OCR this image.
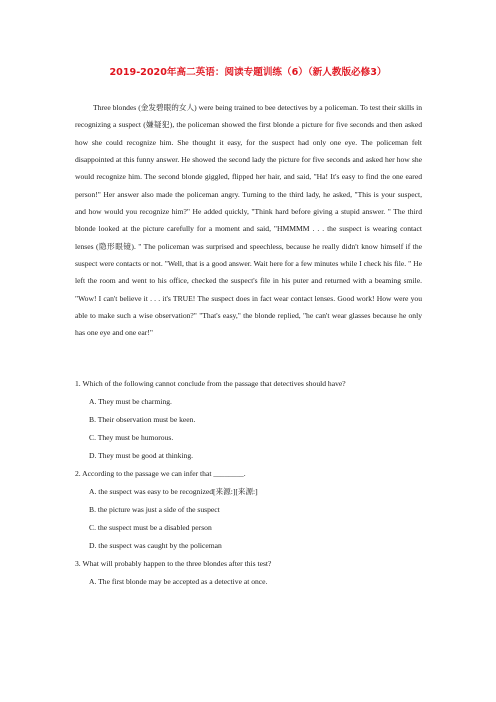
2019-2020年高二英语：阅读专题训练（6）（新人教版必修3）

Three blondes (金发碧眼的女人) were being trained to bee detectives by a policeman. To test their skills in recognizing a suspect (嫌疑犯), the policeman showed the first blonde a picture for five seconds and then asked how she could recognize him. She thought it easy, for the suspect had only one eye. The policeman felt disappointed at this funny answer. He showed the second lady the picture for five seconds and asked her how she would recognize him. The second blonde giggled, flipped her hair, and said, "Ha! It's easy to find the one eared person!" Her answer also made the policeman angry. Turning to the third lady, he asked, "This is your suspect, and how would you recognize him?" He added quickly, "Think hard before giving a stupid answer. " The third blonde looked at the picture carefully for a moment and said, "HMMMM . . . the suspect is wearing contact lenses (隐形眼镜). " The policeman was surprised and speechless, because he really didn't know himself if the suspect were contacts or not. "Well, that is a good answer. Wait here for a few minutes while I check his file. " He left the room and went to his office, checked the suspect's file in his puter and returned with a beaming smile. "Wow! I can't believe it . . . it's TRUE! The suspect does in fact wear contact lenses. Good work! How were you able to make such a wise observation?" "That's easy," the blonde replied, "he can't wear glasses because he only has one eye and one ear!"

1. Which of the following cannot conclude from the passage that detectives should have?
A. They must be charming.
B. Their observation must be keen.
C. They must be humorous.
D. They must be good at thinking.
2. According to the passage we can infer that ________.
A. the suspect was easy to be recognized[来源:][来源:]
B. the picture was just a side of the suspect
C. the suspect must be a disabled person
D. the suspect was caught by the policeman
3. What will probably happen to the three blondes after this test?
A. The first blonde may be accepted as a detective at once.
